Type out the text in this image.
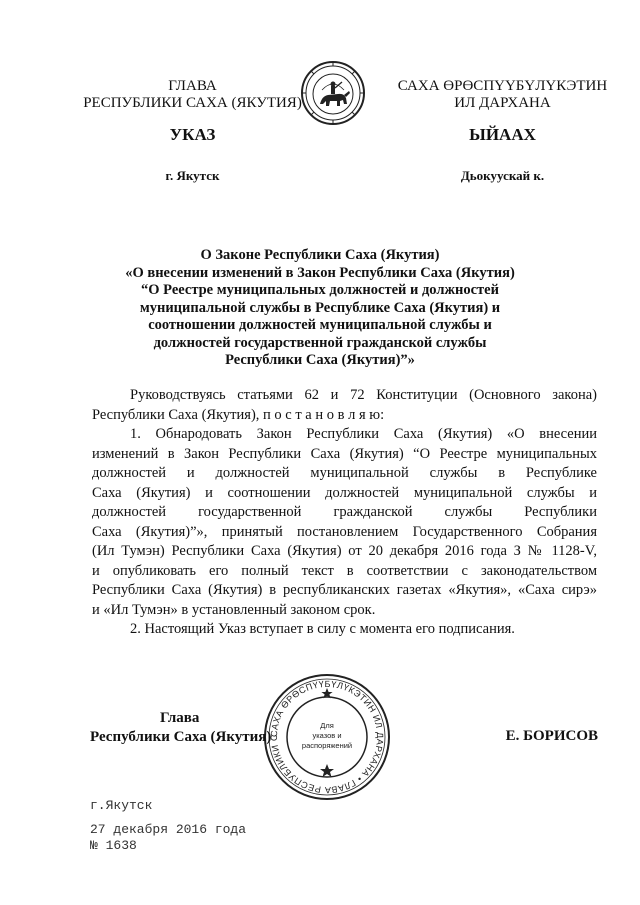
ГЛАВА
РЕСПУБЛИКИ САХА (ЯКУТИЯ)
САХА ӨРӨСПҮҮБҮЛҮКЭТИН
ИЛ ДАРХАНА
УКАЗ	ЫЙААХ
г. Якутск	Дьокуускай к.
О Законе Республики Саха (Якутия)
«О внесении изменений в Закон Республики Саха (Якутия)
“О Реестре муниципальных должностей и должностей
муниципальной службы в Республике Саха (Якутия) и
соотношении должностей муниципальной службы и
должностей государственной гражданской службы
Республики Саха (Якутия)”»
Руководствуясь статьями 62 и 72 Конституции (Основного закона)
Республики Саха (Якутия), п о с т а н о в л я ю:
1. Обнародовать Закон Республики Саха (Якутия) «О внесении
изменений в Закон Республики Саха (Якутия) “О Реестре муниципальных
должностей и должностей муниципальной службы в Республике
Саха (Якутия) и соотношении должностей муниципальной службы и
должностей государственной гражданской службы Республики
Саха (Якутия)”», принятый постановлением Государственного Собрания
(Ил Тумэн) Республики Саха (Якутия) от 20 декабря 2016 года З № 1128-V,
и опубликовать его полный текст в соответствии с законодательством
Республики Саха (Якутия) в республиканских газетах «Якутия», «Саха сирэ»
и «Ил Тумэн» в установленный законом срок.
2. Настоящий Указ вступает в силу с момента его подписания.
САХА ӨРӨСПҮҮБҮЛҮКЭТИН ИЛ ДАРХАНА • ГЛАВА РЕСПУБЛИКИ С
Для
указов и
распоряжений
Глава
Республики Саха (Якутия)	Е. БОРИСОВ
г.Якутск
27 декабря 2016 года
№ 1638
